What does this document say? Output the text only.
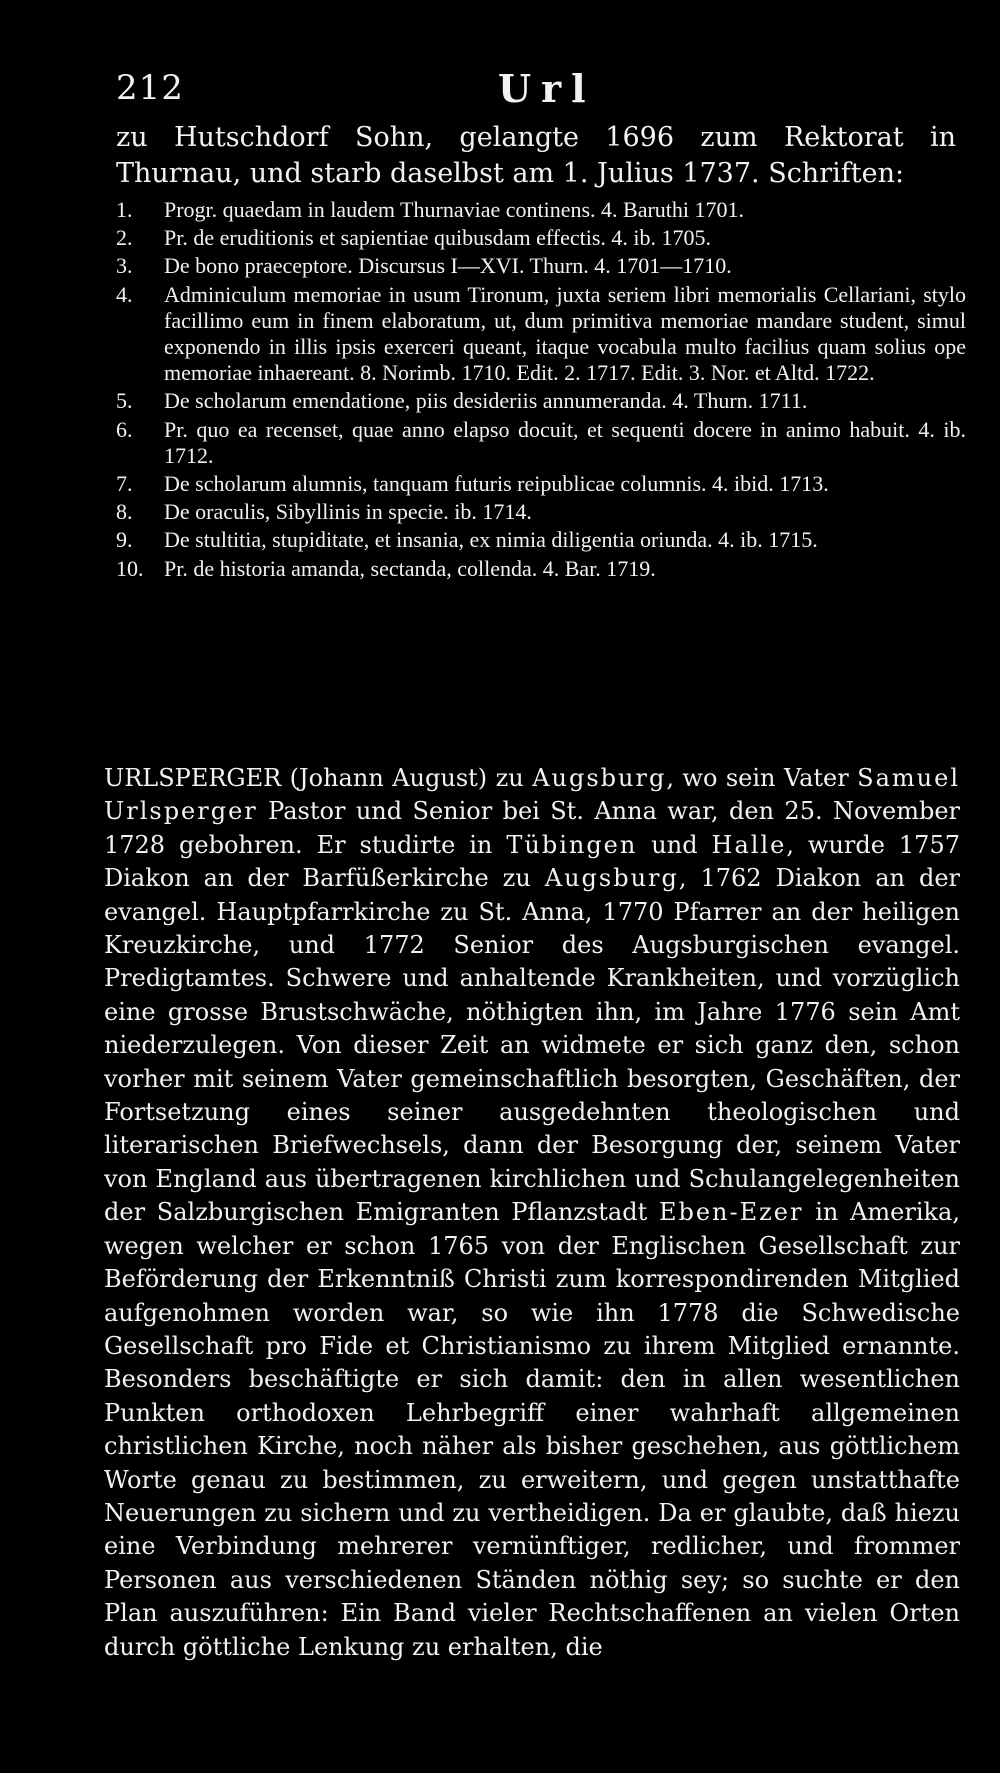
212	Url
zu Hutschdorf Sohn, gelangte 1696 zum Rektorat in Thurnau, und starb daselbst am 1. Julius 1737. Schriften:
1. Progr. quaedam in laudem Thurnaviae continens. 4. Baruthi 1701.
2. Pr. de eruditionis et sapientiae quibusdam effectis. 4. ib. 1705.
3. De bono praeceptore. Discursus I—XVI. Thurn. 4. 1701—1710.
4. Adminiculum memoriae in usum Tironum, juxta seriem libri memorialis Cellariani, stylo facillimo eum in finem elaboratum, ut, dum primitiva memoriae mandare student, simul exponendo in illis ipsis exerceri queant, itaque vocabula multo facilius quam solius ope memoriae inhaereant. 8. Norimb. 1710. Edit. 2. 1717. Edit. 3. Nor. et Altd. 1722.
5. De scholarum emendatione, piis desideriis annumeranda. 4. Thurn. 1711.
6. Pr. quo ea recenset, quae anno elapso docuit, et sequenti docere in animo habuit. 4. ib. 1712.
7. De scholarum alumnis, tanquam futuris reipublicae columnis. 4. ibid. 1713.
8. De oraculis, Sibyllinis in specie. ib. 1714.
9. De stultitia, stupiditate, et insania, ex nimia diligentia oriunda. 4. ib. 1715.
10. Pr. de historia amanda, sectanda, collenda. 4. Bar. 1719.
URLSPERGER (Johann August) zu Augsburg, wo sein Vater Samuel Urlsperger Pastor und Senior bei St. Anna war, den 25. November 1728 gebohren. Er studirte in Tübingen und Halle, wurde 1757 Diakon an der Barfüßerkirche zu Augsburg, 1762 Diakon an der evangel. Hauptpfarrkirche zu St. Anna, 1770 Pfarrer an der heiligen Kreuzkirche, und 1772 Senior des Augsburgischen evangel. Predigtamtes. Schwere und anhaltende Krankheiten, und vorzüglich eine grosse Brustschwäche, nöthigten ihn, im Jahre 1776 sein Amt niederzulegen. Von dieser Zeit an widmete er sich ganz den, schon vorher mit seinem Vater gemeinschaftlich besorgten, Geschäften, der Fortsetzung eines seiner ausgedehnten theologischen und literarischen Briefwechsels, dann der Besorgung der, seinem Vater von England aus übertragenen kirchlichen und Schulangelegenheiten der Salzburgischen Emigranten Pflanzstadt Eben-Ezer in Amerika, wegen welcher er schon 1765 von der Englischen Gesellschaft zur Beförderung der Erkenntniß Christi zum korrespondirenden Mitglied aufgenohmen worden war, so wie ihn 1778 die Schwedische Gesellschaft pro Fide et Christianismo zu ihrem Mitglied ernannte. Besonders beschäftigte er sich damit: den in allen wesentlichen Punkten orthodoxen Lehrbegriff einer wahrhaft allgemeinen christlichen Kirche, noch näher als bisher geschehen, aus göttlichem Worte genau zu bestimmen, zu erweitern, und gegen unstatthafte Neuerungen zu sichern und zu vertheidigen. Da er glaubte, daß hiezu eine Verbindung mehrerer vernünftiger, redlicher, und frommer Personen aus verschiedenen Ständen nöthig sey; so suchte er den Plan auszuführen: Ein Band vieler Rechtschaffenen an vielen Orten durch göttliche Lenkung zu erhalten, die
